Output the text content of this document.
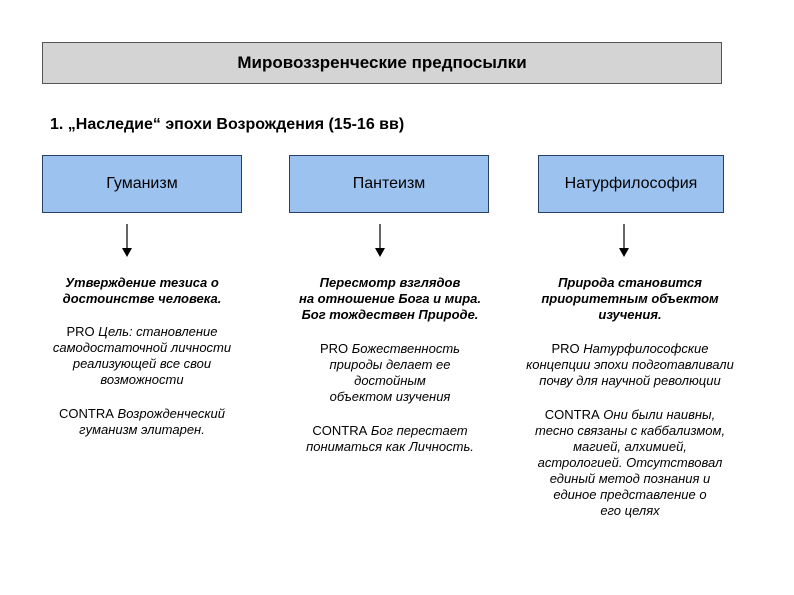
Мировоззренческие предпосылки
1. „Наследие“ эпохи Возрождения (15-16 вв)
Гуманизм	Пантеизм	Натурфилософия

Утверждение тезиса о

достоинстве человека.

PRO Цель: становление

самодостаточной личности

реализующей все свои

возможности

CONTRA Возрожденческий

гуманизм элитарен.

Пересмотр взглядов

на отношение Бога и мира.

Бог тождествен Природе.

PRO Божественность

природы делает ее

достойным

объектом изучения

CONTRA Бог перестает

пониматься как Личность.

Природа становится

приоритетным объектом

изучения.

PRO Натурфилософские

концепции эпохи подготавливали

почву для научной революции

CONTRA Они были наивны,

тесно связаны с каббализмом,

магией, алхимией,

астрологией. Отсутствовал

единый метод познания и

единое представление о

его целях
